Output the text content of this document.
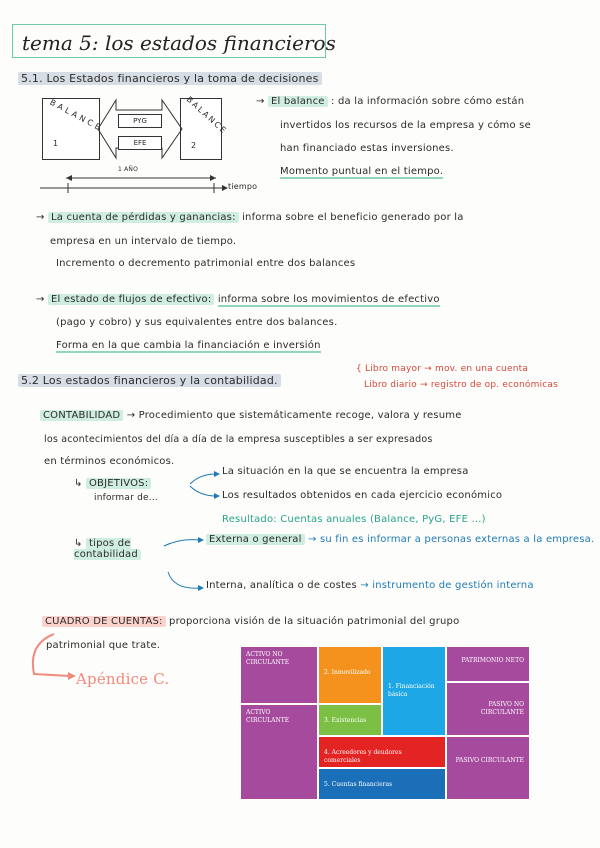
tema 5: los estados financieros
5.1. Los Estados financieros y la toma de decisiones
BALANCE
1
BALANCE
2
PYG
EFE
1 AÑO
tiempo
→ El balance : da la información sobre cómo están
invertidos los recursos de la empresa y cómo se
han financiado estas inversiones.
Momento puntual en el tiempo.
→ La cuenta de pérdidas y ganancias: informa sobre el beneficio generado por la
empresa en un intervalo de tiempo.
Incremento o decremento patrimonial entre dos balances
→ El estado de flujos de efectivo: informa sobre los movimientos de efectivo
(pago y cobro) y sus equivalentes entre dos balances.
Forma en la que cambia la financiación e inversión
5.2 Los estados financieros y la contabilidad.
{ Libro mayor → mov. en una cuenta
Libro diario → registro de op. económicas
CONTABILIDAD → Procedimiento que sistemáticamente recoge, valora y resume
los acontecimientos del día a día de la empresa susceptibles a ser expresados
en términos económicos.
↳ OBJETIVOS:
informar de...
La situación en la que se encuentra la empresa
Los resultados obtenidos en cada ejercicio económico
Resultado: Cuentas anuales (Balance, PyG, EFE ...)
↳ tipos de contabilidad
Externa o general → su fin es informar a personas externas a la empresa.
Interna, analítica o de costes → instrumento de gestión interna
CUADRO DE CUENTAS: proporciona visión de la situación patrimonial del grupo
patrimonial que trate.
Apéndice C.
ACTIVO NO CIRCULANTE
ACTIVO CIRCULANTE
2. Inmovilizado
1. Financiación básica
3. Existencias
4. Acreedores y deudores comerciales
5. Cuentas financieras
PATRIMONIO NETO
PASIVO NO CIRCULANTE
PASIVO CIRCULANTE
